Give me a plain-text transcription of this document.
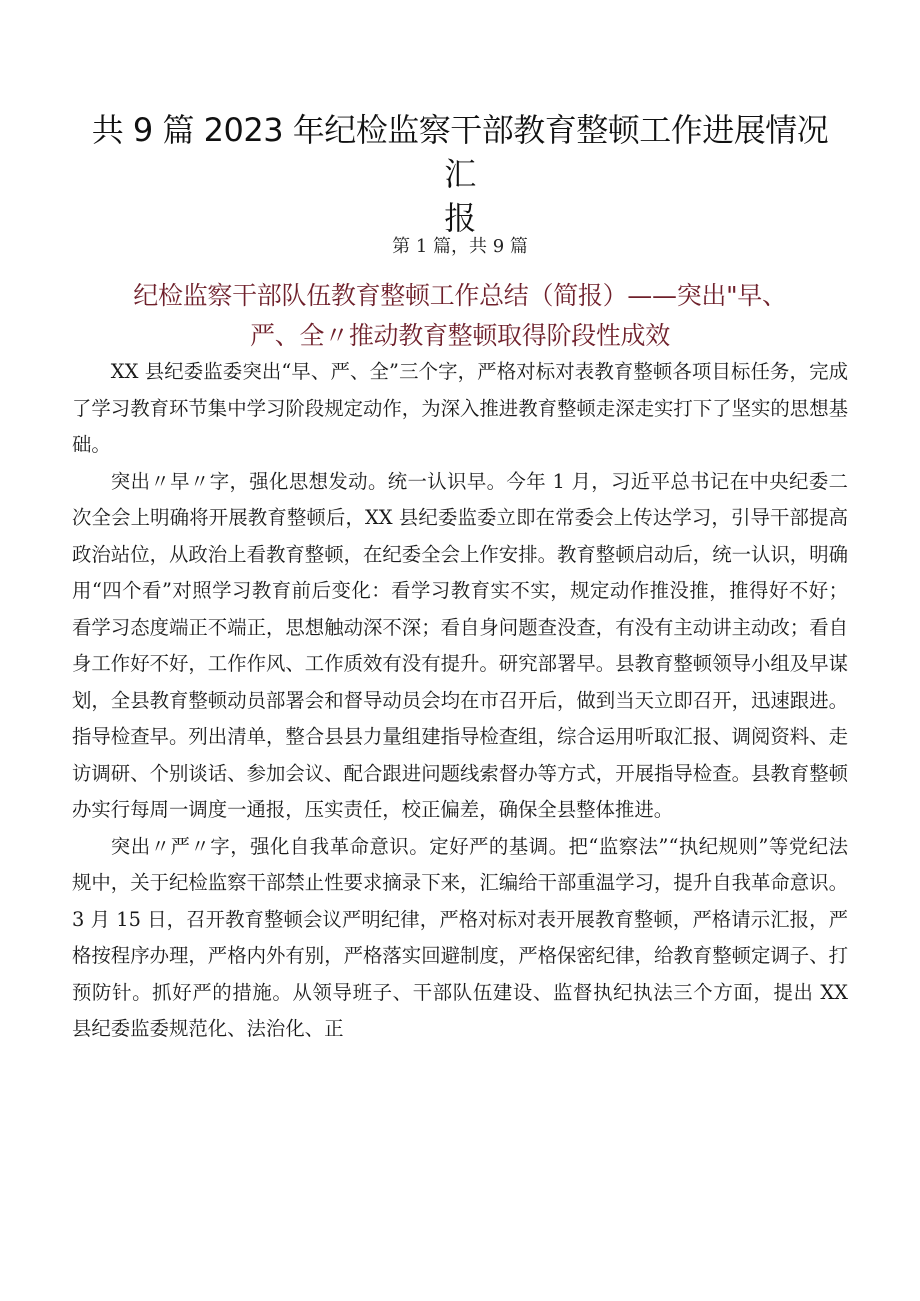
共 9 篇 2023 年纪检监察干部教育整顿工作进展情况汇
报
第 1 篇，共 9 篇
纪检监察干部队伍教育整顿工作总结（简报）——突出"早、
严、全〃推动教育整顿取得阶段性成效

XX 县纪委监委突出“早、严、全”三个字，严格对标对表教育整顿各项目标任务，完成了学习教育环节集中学习阶段规定动作，为深入推进教育整顿走深走实打下了坚实的思想基础。

突出〃早〃字，强化思想发动。统一认识早。今年 1 月，习近平总书记在中央纪委二次全会上明确将开展教育整顿后，XX 县纪委监委立即在常委会上传达学习，引导干部提高政治站位，从政治上看教育整顿，在纪委全会上作安排。教育整顿启动后，统一认识，明确用“四个看”对照学习教育前后变化：看学习教育实不实，规定动作推没推，推得好不好；看学习态度端正不端正，思想触动深不深；看自身问题查没查，有没有主动讲主动改；看自身工作好不好，工作作风、工作质效有没有提升。研究部署早。县教育整顿领导小组及早谋划，全县教育整顿动员部署会和督导动员会均在市召开后，做到当天立即召开，迅速跟进。指导检查早。列出清单，整合县县力量组建指导检查组，综合运用听取汇报、调阅资料、走访调研、个别谈话、参加会议、配合跟进问题线索督办等方式，开展指导检查。县教育整顿办实行每周一调度一通报，压实责任，校正偏差，确保全县整体推进。

突出〃严〃字，强化自我革命意识。定好严的基调。把“监察法”“执纪规则”等党纪法规中，关于纪检监察干部禁止性要求摘录下来，汇编给干部重温学习，提升自我革命意识。3 月 15 日，召开教育整顿会议严明纪律，严格对标对表开展教育整顿，严格请示汇报，严格按程序办理，严格内外有别，严格落实回避制度，严格保密纪律，给教育整顿定调子、打预防针。抓好严的措施。从领导班子、干部队伍建设、监督执纪执法三个方面，提出 XX 县纪委监委规范化、法治化、正
